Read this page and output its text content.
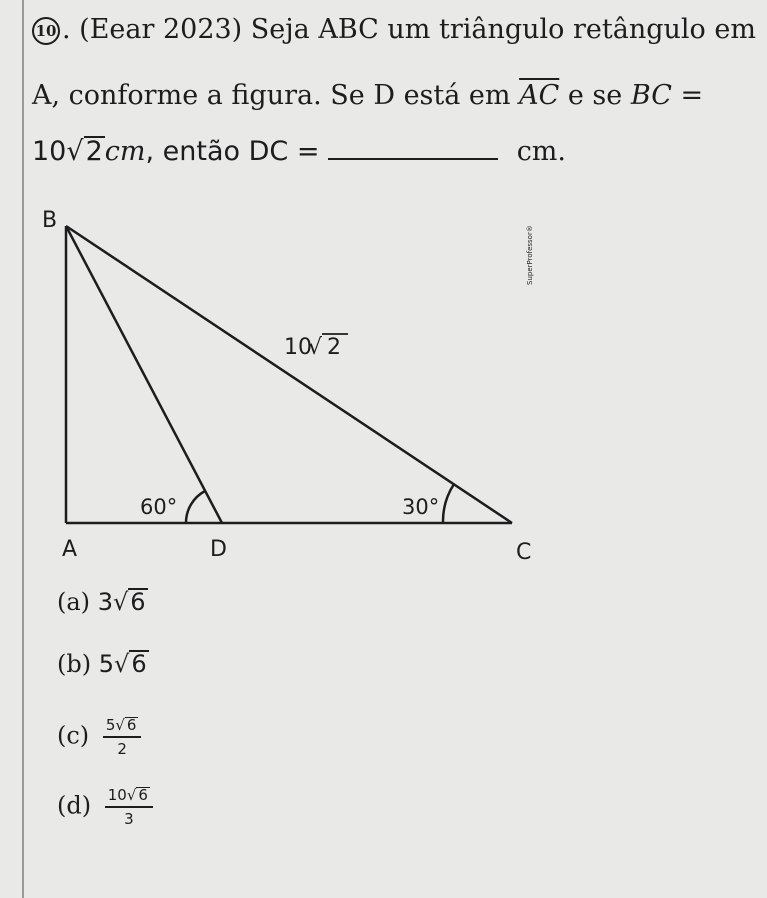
10 . (Eear 2023) Seja ABC um triângulo retângulo em
A, conforme a figura. Se D está em $\overline{AC}$ e se BC =
10√2cm, então DC =	cm.
B
A	D	C
10
√ 2
60°	30°
SuperProfessor®
(a) 3√6
(b) 5√6
$(c) \frac{5√ 6}{2}$
$(d) \frac{10√ 6}{3}$
